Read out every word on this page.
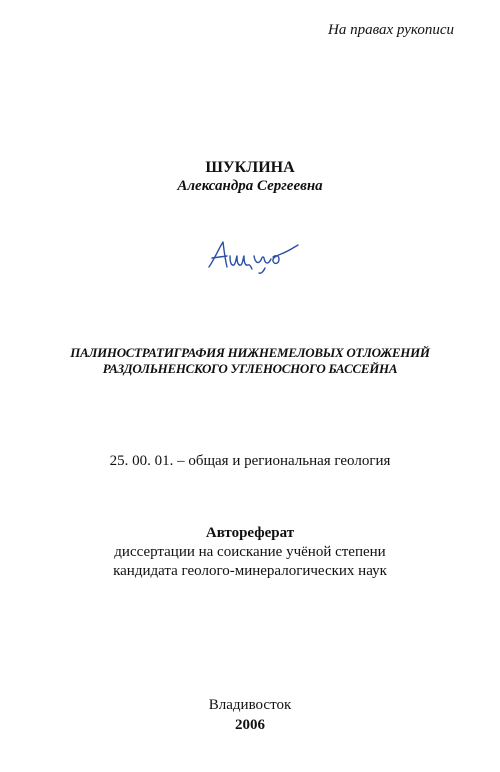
На правах рукописи
ШУКЛИНА
Александра Сергеевна
ПАЛИНОСТРАТИГРАФИЯ НИЖНЕМЕЛОВЫХ ОТЛОЖЕНИЙ
РАЗДОЛЬНЕНСКОГО УГЛЕНОСНОГО БАССЕЙНА
25. 00. 01. – общая и региональная геология
Автореферат
диссертации на соискание учёной степени
кандидата геолого-минералогических наук
Владивосток
2006
